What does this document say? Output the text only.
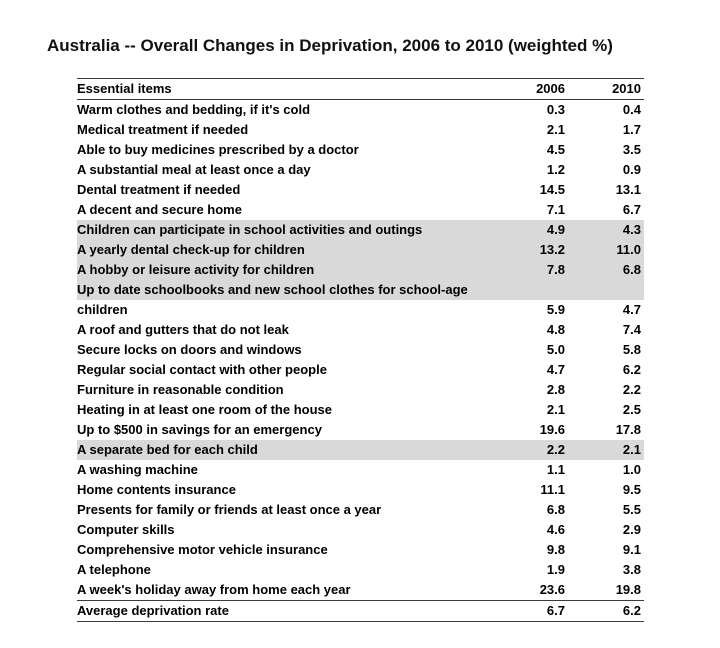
Australia -- Overall Changes in Deprivation, 2006 to 2010 (weighted %)
Essential items	2006	2010
Warm clothes and bedding, if it's cold	0.3	0.4
Medical treatment if needed	2.1	1.7
Able to buy medicines prescribed by a doctor	4.5	3.5
A substantial meal at least once a day	1.2	0.9
Dental treatment if needed	14.5	13.1
A decent and secure home	7.1	6.7
Children can participate in school activities and outings	4.9	4.3
A yearly dental check-up for children	13.2	11.0
A hobby or leisure activity for children	7.8	6.8
Up to date schoolbooks and new school clothes for school-age		
children	5.9	4.7
A roof and gutters that do not leak	4.8	7.4
Secure locks on doors and windows	5.0	5.8
Regular social contact with other people	4.7	6.2
Furniture in reasonable condition	2.8	2.2
Heating in at least one room of the house	2.1	2.5
Up to $500 in savings for an emergency	19.6	17.8
A separate bed for each child	2.2	2.1
A washing machine	1.1	1.0
Home contents insurance	11.1	9.5
Presents for family or friends at least once a year	6.8	5.5
Computer skills	4.6	2.9
Comprehensive motor vehicle insurance	9.8	9.1
A telephone	1.9	3.8
A week's holiday away from home each year	23.6	19.8
Average deprivation rate	6.7	6.2
